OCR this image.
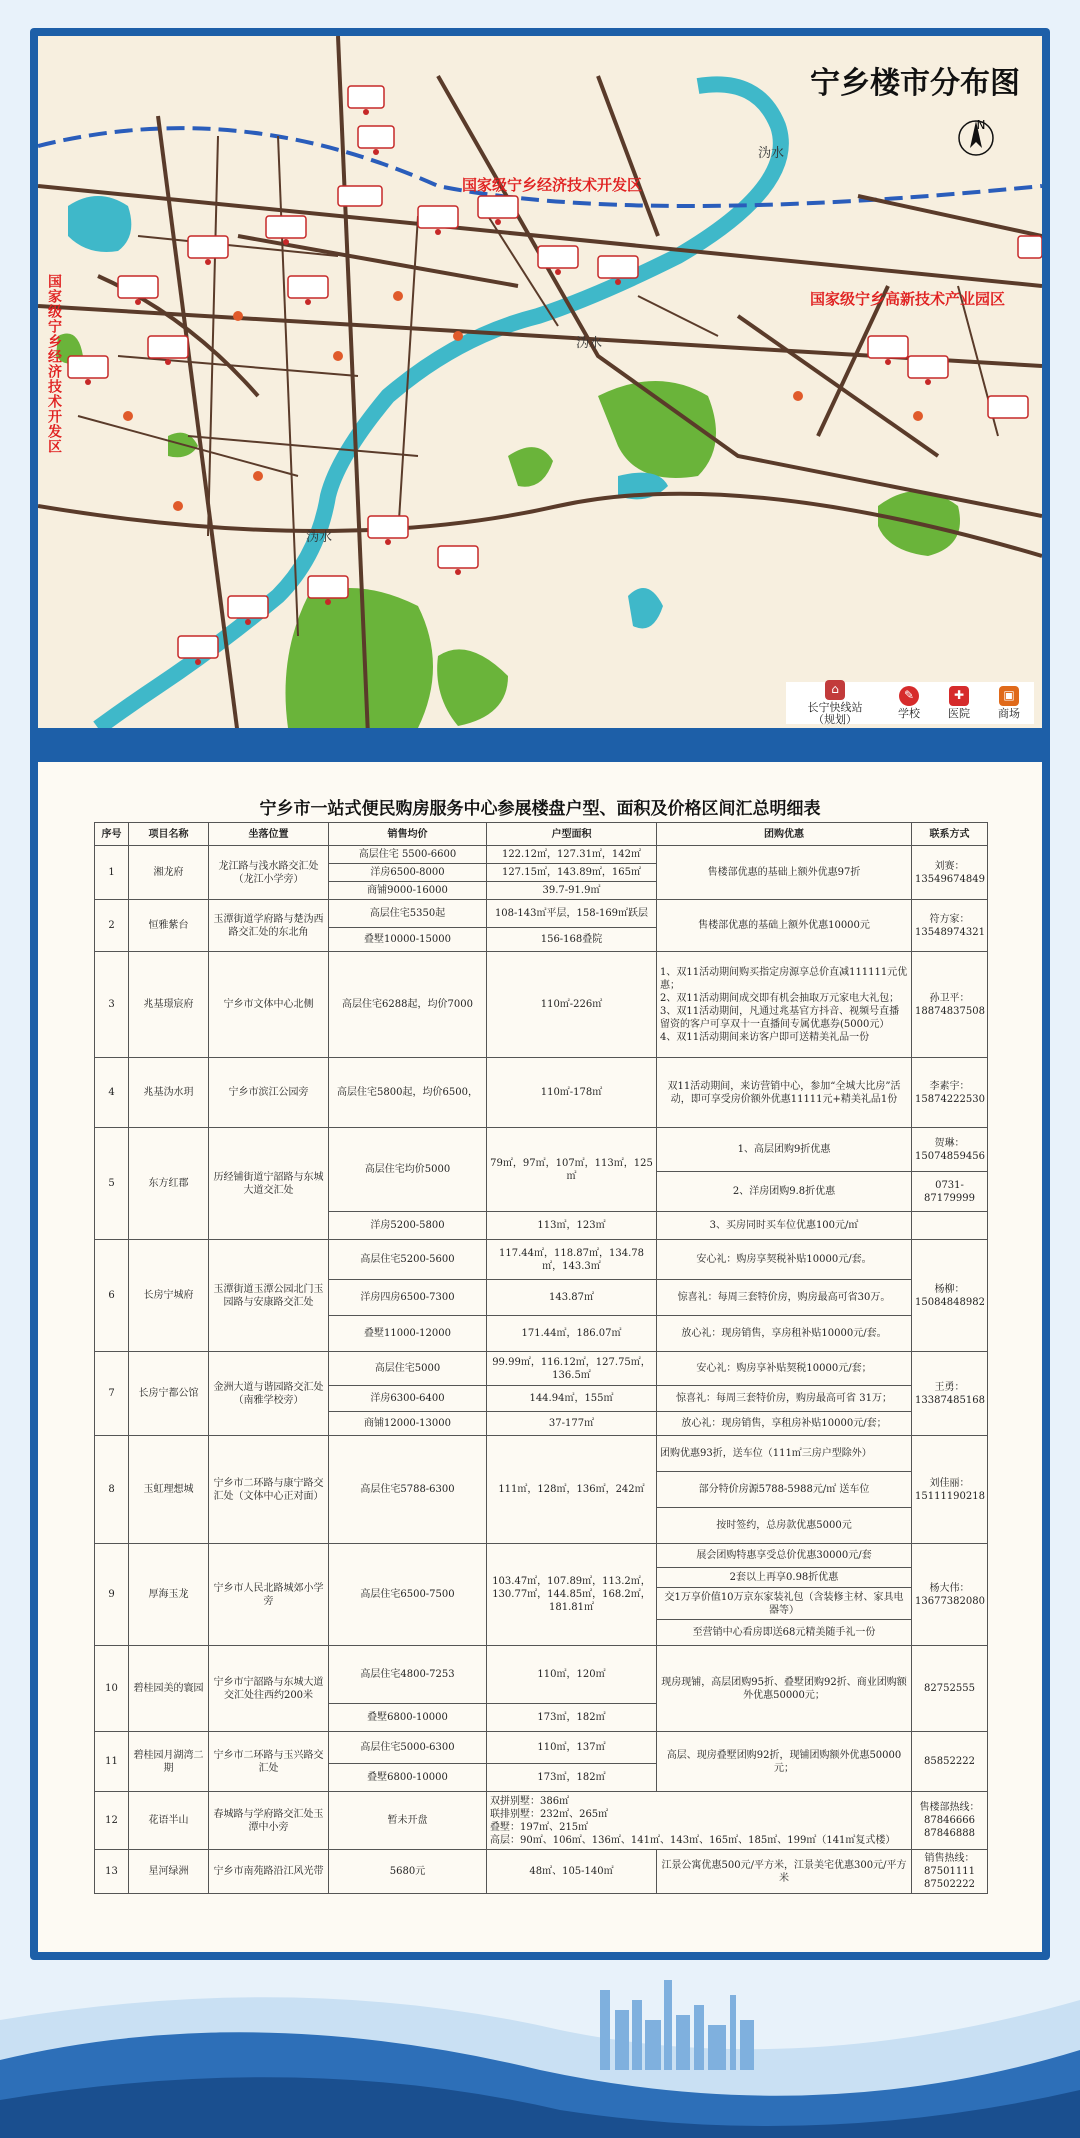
宁乡楼市分布图
N
国家级宁乡经济技术开发区
国家级宁乡高新技术产业园区
国家级宁乡经济技术开发区	沩水
沩水
沩水
⌂
长宁快线站（规划）
✎
学校
✚
医院
▣
商场
宁乡市一站式便民购房服务中心参展楼盘户型、面积及价格区间汇总明细表
序号	项目名称	坐落位置	销售均价	户型面积	团购优惠	联系方式
1	湘龙府	龙江路与浅水路交汇处（龙江小学旁）	高层住宅 5500-6600	122.12㎡，127.31㎡，142㎡	售楼部优惠的基础上额外优惠97折	刘赛：13549674849
			洋房6500-8000	127.15㎡，143.89㎡，165㎡		
			商铺9000-16000	39.7-91.9㎡		
2	恒雅紫台	玉潭街道学府路与楚沩西路交汇处的东北角	高层住宅5350起	108-143㎡平层，158-169㎡跃层	售楼部优惠的基础上额外优惠10000元	符方家：13548974321
			叠墅10000-15000	156-168叠院		
3	兆基璟宸府	宁乡市文体中心北侧	高层住宅6288起，均价7000	110㎡-226㎡	1、双11活动期间购买指定房源享总价直减111111元优惠；
2、双11活动期间成交即有机会抽取万元家电大礼包；
3、双11活动期间，凡通过兆基官方抖音、视频号直播留资的客户可享双十一直播间专属优惠券(5000元）
4、双11活动期间来访客户即可送精美礼品一份	孙卫平：18874837508
4	兆基沩水玥	宁乡市滨江公园旁	高层住宅5800起，均价6500，	110㎡-178㎡	双11活动期间，来访营销中心，参加“全城大比房”活动，即可享受房价额外优惠11111元+精美礼品1份	李素宇：15874222530
5	东方红郡	历经铺街道宁韶路与东城大道交汇处	高层住宅均价5000	79㎡，97㎡，107㎡，113㎡，125㎡	1、高层团购9折优惠	贺琳：15074859456
					2、洋房团购9.8折优惠	0731-87179999
			洋房5200-5800	113㎡，123㎡	3、买房同时买车位优惠100元/㎡	
6	长房宁城府	玉潭街道玉潭公园北门玉园路与安康路交汇处	高层住宅5200-5600	117.44㎡，118.87㎡，134.78㎡，143.3㎡	安心礼：购房享契税补贴10000元/套。	杨柳：15084848982
			洋房四房6500-7300	143.87㎡	惊喜礼：每周三套特价房，购房最高可省30万。	
			叠墅11000-12000	171.44㎡，186.07㎡	放心礼：现房销售，享房租补贴10000元/套。	
7	长房宁都公馆	金洲大道与谐园路交汇处（南雅学校旁）	高层住宅5000	99.99㎡，116.12㎡，127.75㎡，136.5㎡	安心礼：购房享补贴契税10000元/套；	王勇：13387485168
			洋房6300-6400	144.94㎡，155㎡	惊喜礼：每周三套特价房，购房最高可省 31万；	
			商铺12000-13000	37-177㎡	放心礼：现房销售，享租房补贴10000元/套；	
8	玉虹理想城	宁乡市二环路与康宁路交汇处（文体中心正对面）	高层住宅5788-6300	111㎡，128㎡，136㎡，242㎡	团购优惠93折，送车位（111㎡三房户型除外）	刘佳丽：15111190218
					部分特价房源5788-5988元/㎡ 送车位	
					按时签约，总房款优惠5000元	
9	厚海玉龙	宁乡市人民北路城郊小学旁	高层住宅6500-7500	103.47㎡，107.89㎡，113.2㎡，130.77㎡，144.85㎡，168.2㎡，181.81㎡	展会团购特惠享受总价优惠30000元/套	杨大伟：13677382080
					2套以上再享0.98折优惠	
					交1万享价值10万京东家装礼包（含装修主材、家具电器等）	
					至营销中心看房即送68元精美随手礼一份	
10	碧桂园美的寰园	宁乡市宁韶路与东城大道交汇处往西约200米	高层住宅4800-7253	110㎡，120㎡	现房现铺，高层团购95折、叠墅团购92折、商业团购额外优惠50000元；	82752555
			叠墅6800-10000	173㎡，182㎡		
11	碧桂园月湖湾二期	宁乡市二环路与玉兴路交汇处	高层住宅5000-6300	110㎡，137㎡	高层、现房叠墅团购92折，现铺团购额外优惠50000元；	85852222
			叠墅6800-10000	173㎡，182㎡		
12	花语半山	春城路与学府路交汇处玉潭中小旁	暂未开盘	双拼别墅：386㎡
联排别墅：232㎡、265㎡
叠墅：197㎡、215㎡
高层：90㎡、106㎡、136㎡、141㎡、143㎡、165㎡、185㎡、199㎡（141㎡复式楼）		售楼部热线：87846666 87846888
13	星河绿洲	宁乡市南苑路沿江风光带	5680元	48㎡、105-140㎡	江景公寓优惠500元/平方米，江景美宅优惠300元/平方米	销售热线：87501111 87502222
